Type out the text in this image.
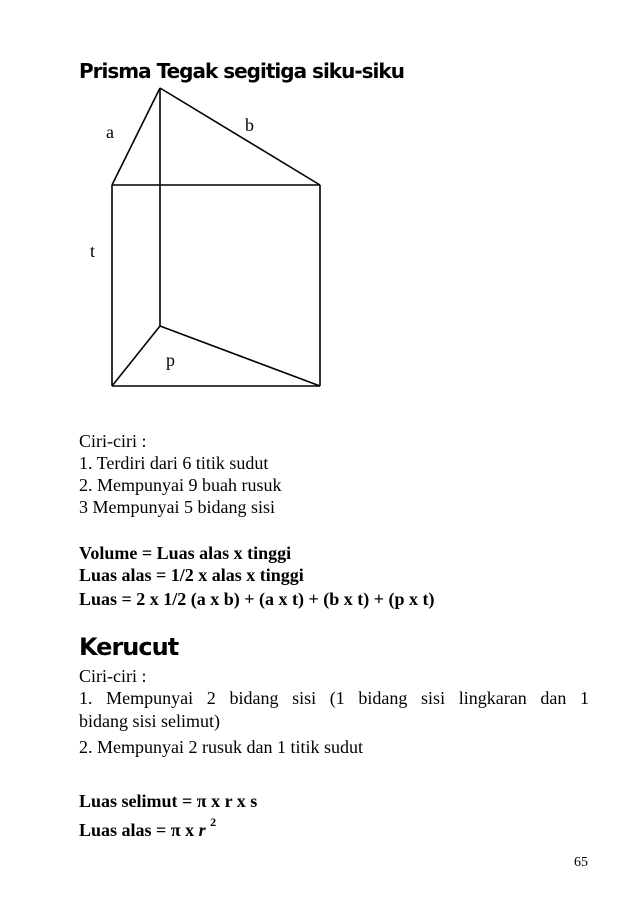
Prisma Tegak segitiga siku-siku
a	b
t
p

Ciri-ciri :

1. Terdiri dari 6 titik sudut

2. Mempunyai 9 buah rusuk

3 Mempunyai 5 bidang sisi

Volume = Luas alas x tinggi

Luas alas = 1/2 x alas x tinggi

Luas = 2 x 1/2 (a x b) + (a x t) + (b x t) + (p x t)

Kerucut

Ciri-ciri :

1. Mempunyai 2 bidang sisi (1 bidang sisi lingkaran dan 1

bidang sisi selimut)

2. Mempunyai 2 rusuk dan 1 titik sudut

Luas selimut = π x r x s

Luas alas = π x r $^2$

65
